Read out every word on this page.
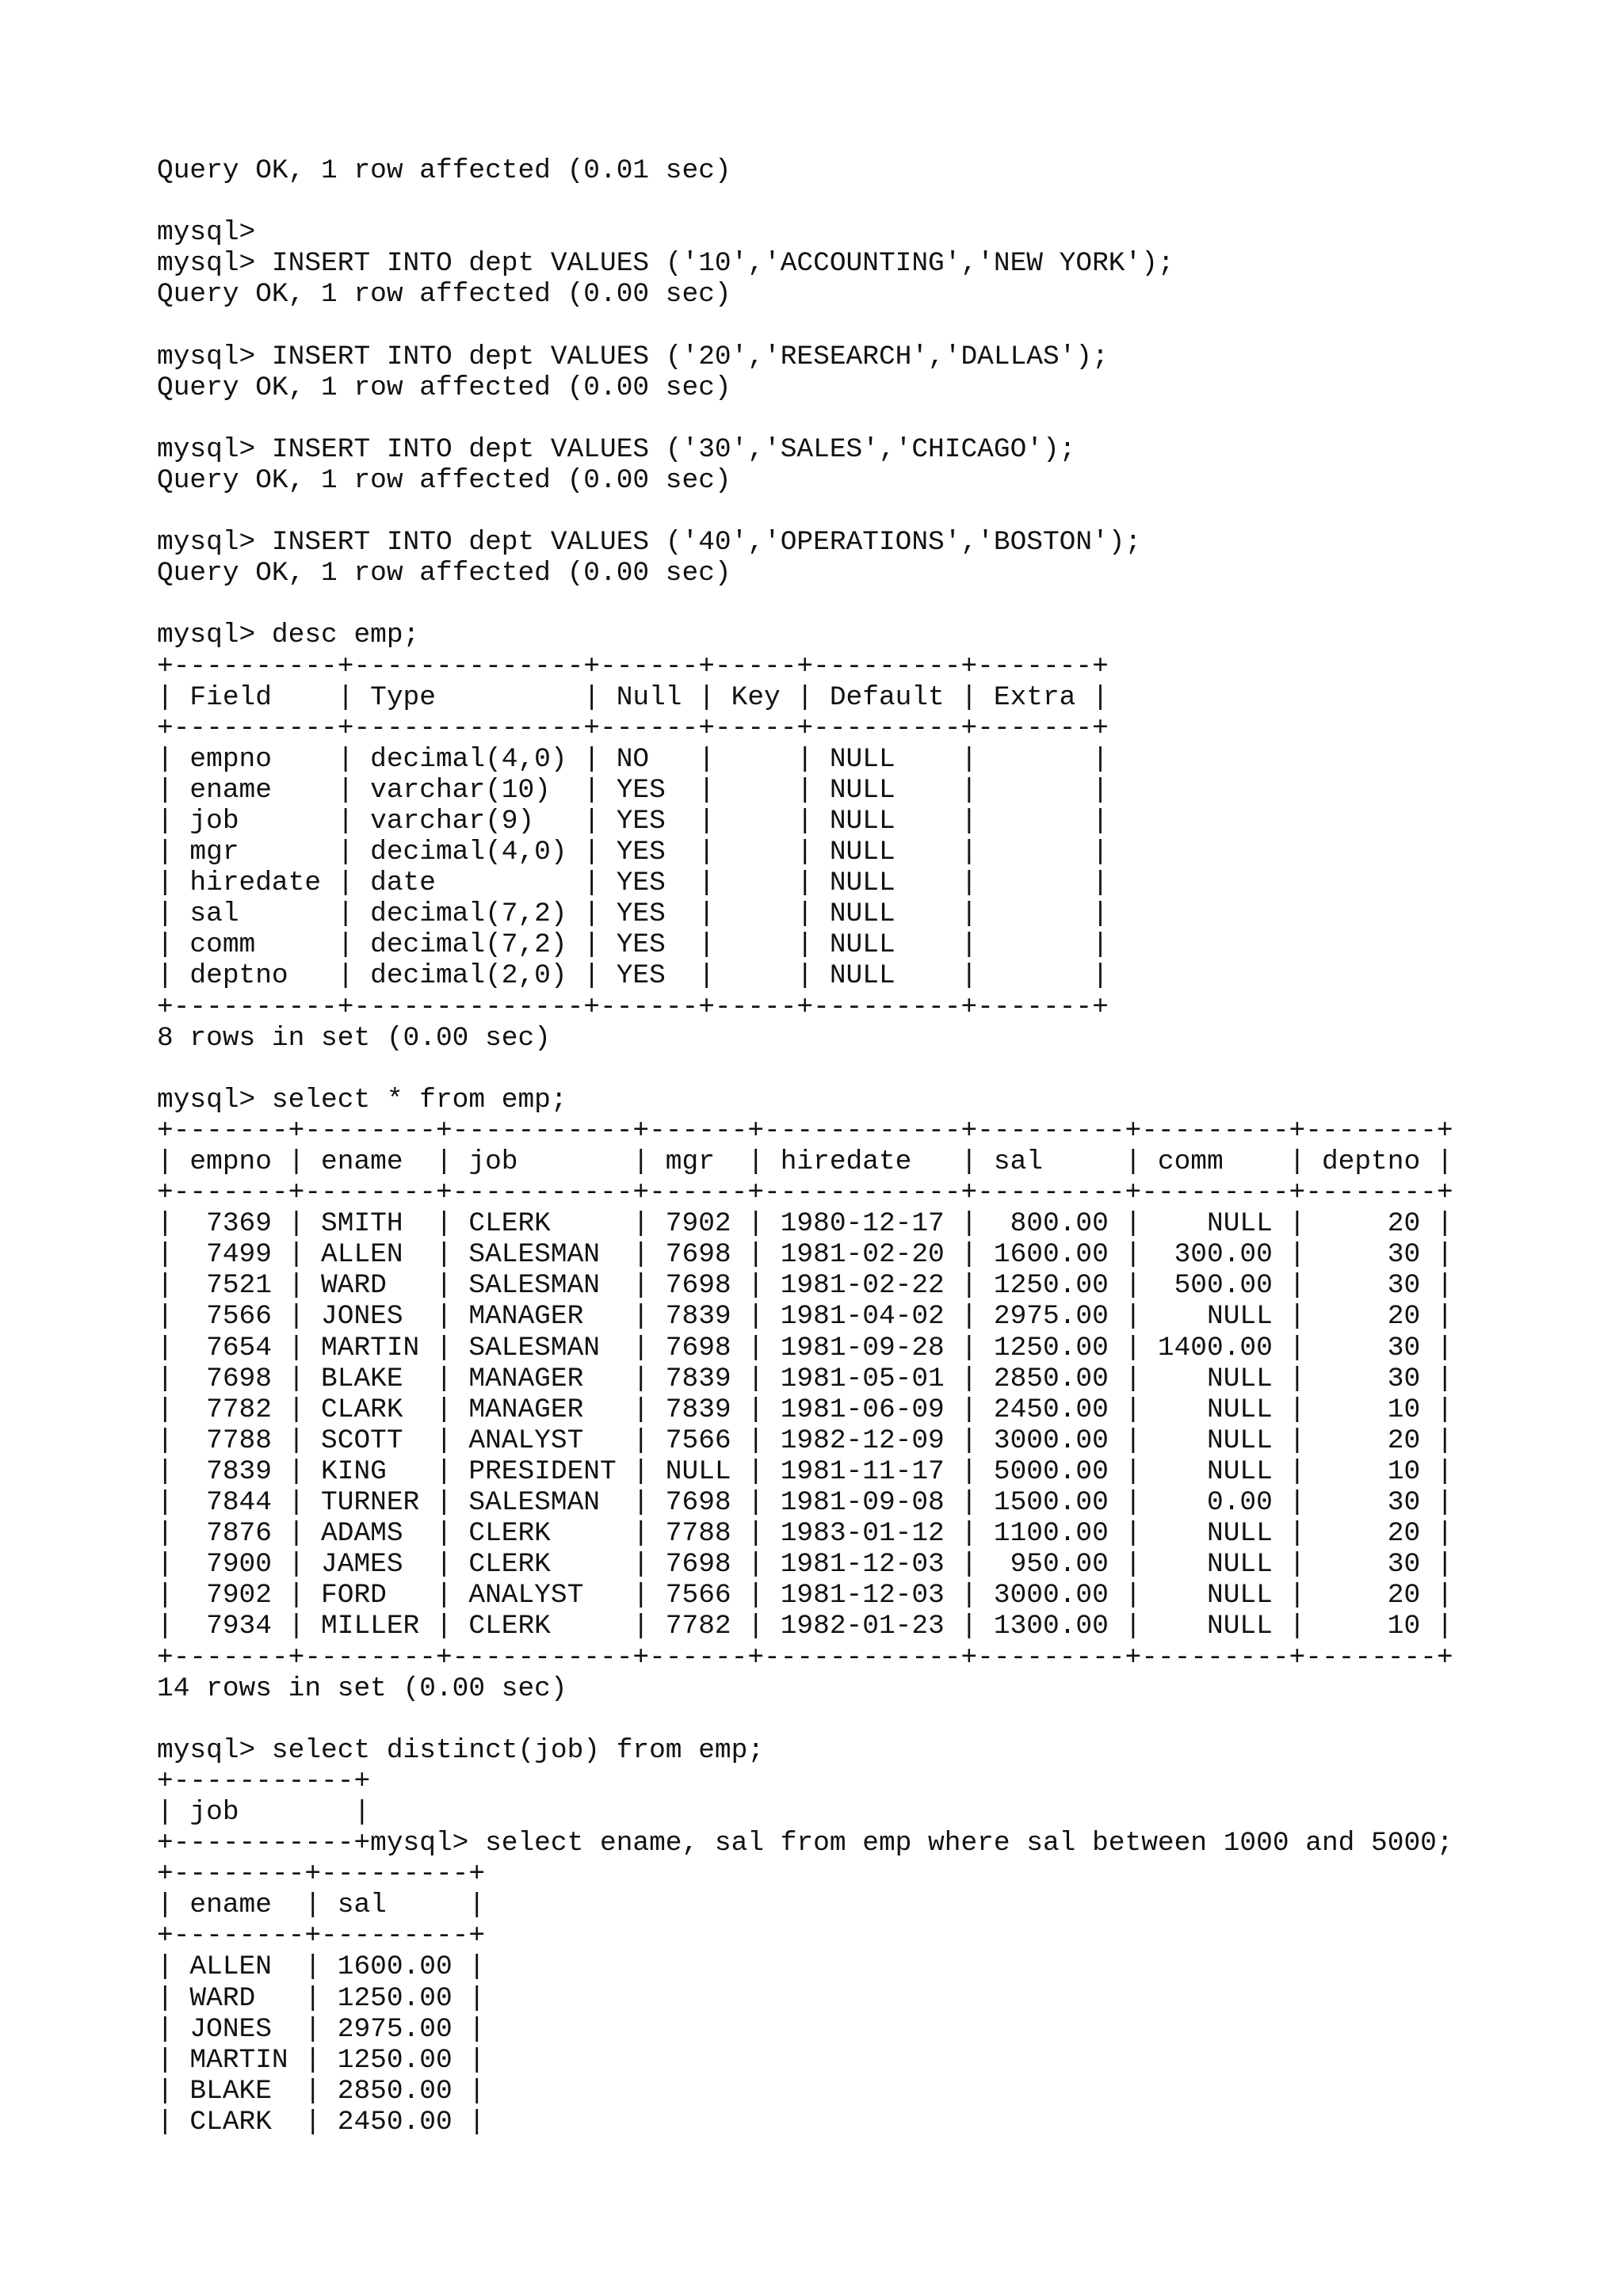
Query OK, 1 row affected (0.01 sec)
mysql>
mysql> INSERT INTO dept VALUES ('10','ACCOUNTING','NEW YORK');
Query OK, 1 row affected (0.00 sec)
mysql> INSERT INTO dept VALUES ('20','RESEARCH','DALLAS');
Query OK, 1 row affected (0.00 sec)
mysql> INSERT INTO dept VALUES ('30','SALES','CHICAGO');
Query OK, 1 row affected (0.00 sec)
mysql> INSERT INTO dept VALUES ('40','OPERATIONS','BOSTON');
Query OK, 1 row affected (0.00 sec)
mysql> desc emp;
+----------+--------------+------+-----+---------+-------+
| Field    | Type         | Null | Key | Default | Extra |
+----------+--------------+------+-----+---------+-------+
| empno    | decimal(4,0) | NO   |     | NULL    |       |
| ename    | varchar(10)  | YES  |     | NULL    |       |
| job      | varchar(9)   | YES  |     | NULL    |       |
| mgr      | decimal(4,0) | YES  |     | NULL    |       |
| hiredate | date         | YES  |     | NULL    |       |
| sal      | decimal(7,2) | YES  |     | NULL    |       |
| comm     | decimal(7,2) | YES  |     | NULL    |       |
| deptno   | decimal(2,0) | YES  |     | NULL    |       |
+----------+--------------+------+-----+---------+-------+
8 rows in set (0.00 sec)
mysql> select * from emp;
+-------+--------+-----------+------+------------+---------+---------+--------+
| empno | ename  | job       | mgr  | hiredate   | sal     | comm    | deptno |
+-------+--------+-----------+------+------------+---------+---------+--------+
|  7369 | SMITH  | CLERK     | 7902 | 1980-12-17 |  800.00 |    NULL |     20 |
|  7499 | ALLEN  | SALESMAN  | 7698 | 1981-02-20 | 1600.00 |  300.00 |     30 |
|  7521 | WARD   | SALESMAN  | 7698 | 1981-02-22 | 1250.00 |  500.00 |     30 |
|  7566 | JONES  | MANAGER   | 7839 | 1981-04-02 | 2975.00 |    NULL |     20 |
|  7654 | MARTIN | SALESMAN  | 7698 | 1981-09-28 | 1250.00 | 1400.00 |     30 |
|  7698 | BLAKE  | MANAGER   | 7839 | 1981-05-01 | 2850.00 |    NULL |     30 |
|  7782 | CLARK  | MANAGER   | 7839 | 1981-06-09 | 2450.00 |    NULL |     10 |
|  7788 | SCOTT  | ANALYST   | 7566 | 1982-12-09 | 3000.00 |    NULL |     20 |
|  7839 | KING   | PRESIDENT | NULL | 1981-11-17 | 5000.00 |    NULL |     10 |
|  7844 | TURNER | SALESMAN  | 7698 | 1981-09-08 | 1500.00 |    0.00 |     30 |
|  7876 | ADAMS  | CLERK     | 7788 | 1983-01-12 | 1100.00 |    NULL |     20 |
|  7900 | JAMES  | CLERK     | 7698 | 1981-12-03 |  950.00 |    NULL |     30 |
|  7902 | FORD   | ANALYST   | 7566 | 1981-12-03 | 3000.00 |    NULL |     20 |
|  7934 | MILLER | CLERK     | 7782 | 1982-01-23 | 1300.00 |    NULL |     10 |
+-------+--------+-----------+------+------------+---------+---------+--------+
14 rows in set (0.00 sec)
mysql> select distinct(job) from emp;
+-----------+
| job       |
+-----------+mysql> select ename, sal from emp where sal between 1000 and 5000;
+--------+---------+
| ename  | sal     |
+--------+---------+
| ALLEN  | 1600.00 |
| WARD   | 1250.00 |
| JONES  | 2975.00 |
| MARTIN | 1250.00 |
| BLAKE  | 2850.00 |
| CLARK  | 2450.00 |
